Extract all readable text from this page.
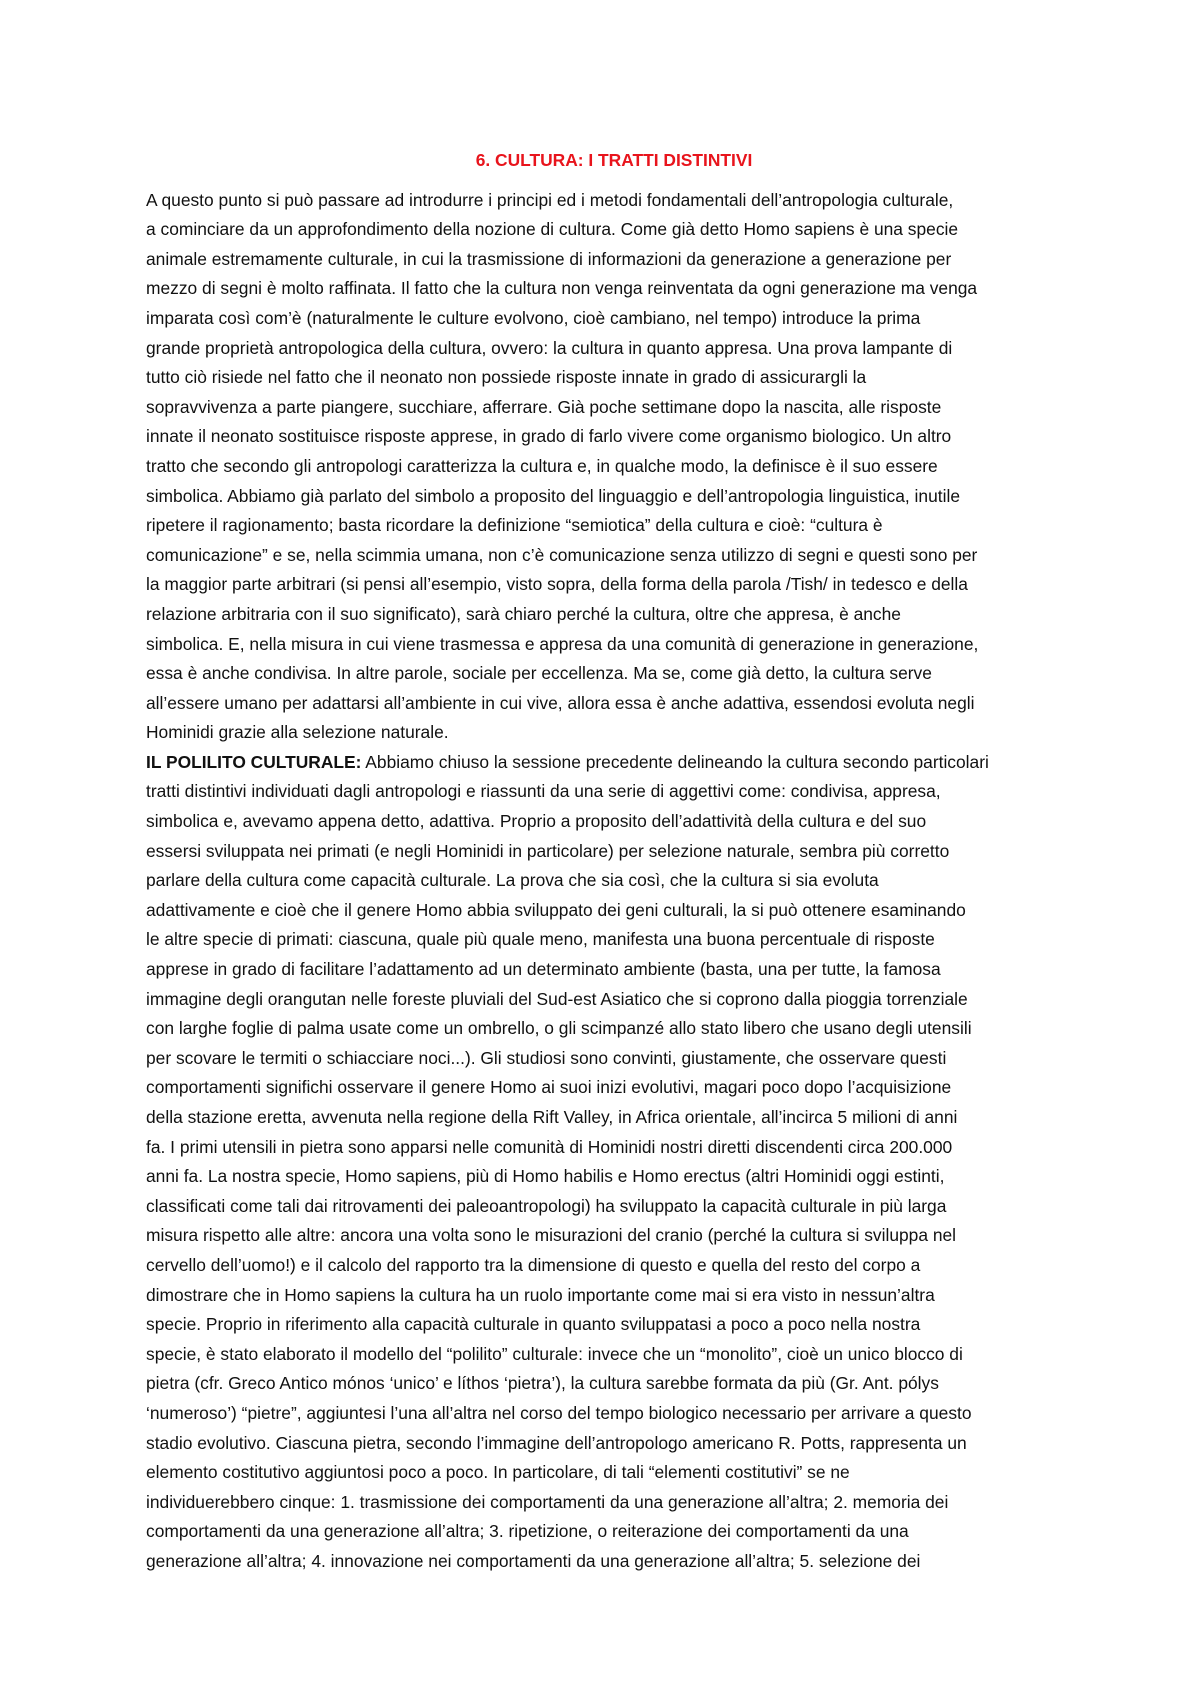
6. CULTURA: I TRATTI DISTINTIVI

A questo punto si può passare ad introdurre i principi ed i metodi fondamentali dell’antropologia culturale,
a cominciare da un approfondimento della nozione di cultura. Come già detto Homo sapiens è una specie
animale estremamente culturale, in cui la trasmissione di informazioni da generazione a generazione per
mezzo di segni è molto raffinata. Il fatto che la cultura non venga reinventata da ogni generazione ma venga
imparata così com’è (naturalmente le culture evolvono, cioè cambiano, nel tempo) introduce la prima
grande proprietà antropologica della cultura, ovvero: la cultura in quanto appresa. Una prova lampante di
tutto ciò risiede nel fatto che il neonato non possiede risposte innate in grado di assicurargli la
sopravvivenza a parte piangere, succhiare, afferrare. Già poche settimane dopo la nascita, alle risposte
innate il neonato sostituisce risposte apprese, in grado di farlo vivere come organismo biologico. Un altro
tratto che secondo gli antropologi caratterizza la cultura e, in qualche modo, la definisce è il suo essere
simbolica. Abbiamo già parlato del simbolo a proposito del linguaggio e dell’antropologia linguistica, inutile
ripetere il ragionamento; basta ricordare la definizione “semiotica” della cultura e cioè: “cultura è
comunicazione” e se, nella scimmia umana, non c’è comunicazione senza utilizzo di segni e questi sono per
la maggior parte arbitrari (si pensi all’esempio, visto sopra, della forma della parola /Tish/ in tedesco e della
relazione arbitraria con il suo significato), sarà chiaro perché la cultura, oltre che appresa, è anche
simbolica. E, nella misura in cui viene trasmessa e appresa da una comunità di generazione in generazione,
essa è anche condivisa. In altre parole, sociale per eccellenza. Ma se, come già detto, la cultura serve
all’essere umano per adattarsi all’ambiente in cui vive, allora essa è anche adattiva, essendosi evoluta negli
Hominidi grazie alla selezione naturale.

IL POLILITO CULTURALE: Abbiamo chiuso la sessione precedente delineando la cultura secondo particolari
tratti distintivi individuati dagli antropologi e riassunti da una serie di aggettivi come: condivisa, appresa,
simbolica e, avevamo appena detto, adattiva. Proprio a proposito dell’adattività della cultura e del suo
essersi sviluppata nei primati (e negli Hominidi in particolare) per selezione naturale, sembra più corretto
parlare della cultura come capacità culturale. La prova che sia così, che la cultura si sia evoluta
adattivamente e cioè che il genere Homo abbia sviluppato dei geni culturali, la si può ottenere esaminando
le altre specie di primati: ciascuna, quale più quale meno, manifesta una buona percentuale di risposte
apprese in grado di facilitare l’adattamento ad un determinato ambiente (basta, una per tutte, la famosa
immagine degli orangutan nelle foreste pluviali del Sud-est Asiatico che si coprono dalla pioggia torrenziale
con larghe foglie di palma usate come un ombrello, o gli scimpanzé allo stato libero che usano degli utensili
per scovare le termiti o schiacciare noci...). Gli studiosi sono convinti, giustamente, che osservare questi
comportamenti significhi osservare il genere Homo ai suoi inizi evolutivi, magari poco dopo l’acquisizione
della stazione eretta, avvenuta nella regione della Rift Valley, in Africa orientale, all’incirca 5 milioni di anni
fa. I primi utensili in pietra sono apparsi nelle comunità di Hominidi nostri diretti discendenti circa 200.000
anni fa. La nostra specie, Homo sapiens, più di Homo habilis e Homo erectus (altri Hominidi oggi estinti,
classificati come tali dai ritrovamenti dei paleoantropologi) ha sviluppato la capacità culturale in più larga
misura rispetto alle altre: ancora una volta sono le misurazioni del cranio (perché la cultura si sviluppa nel
cervello dell’uomo!) e il calcolo del rapporto tra la dimensione di questo e quella del resto del corpo a
dimostrare che in Homo sapiens la cultura ha un ruolo importante come mai si era visto in nessun’altra
specie. Proprio in riferimento alla capacità culturale in quanto sviluppatasi a poco a poco nella nostra
specie, è stato elaborato il modello del “polilito” culturale: invece che un “monolito”, cioè un unico blocco di
pietra (cfr. Greco Antico mónos ‘unico’ e líthos ‘pietra’), la cultura sarebbe formata da più (Gr. Ant. pólys
‘numeroso’) “pietre”, aggiuntesi l’una all’altra nel corso del tempo biologico necessario per arrivare a questo
stadio evolutivo. Ciascuna pietra, secondo l’immagine dell’antropologo americano R. Potts, rappresenta un
elemento costitutivo aggiuntosi poco a poco. In particolare, di tali “elementi costitutivi” se ne
individuerebbero cinque: 1. trasmissione dei comportamenti da una generazione all’altra; 2. memoria dei
comportamenti da una generazione all’altra; 3. ripetizione, o reiterazione dei comportamenti da una
generazione all’altra; 4. innovazione nei comportamenti da una generazione all’altra; 5. selezione dei
